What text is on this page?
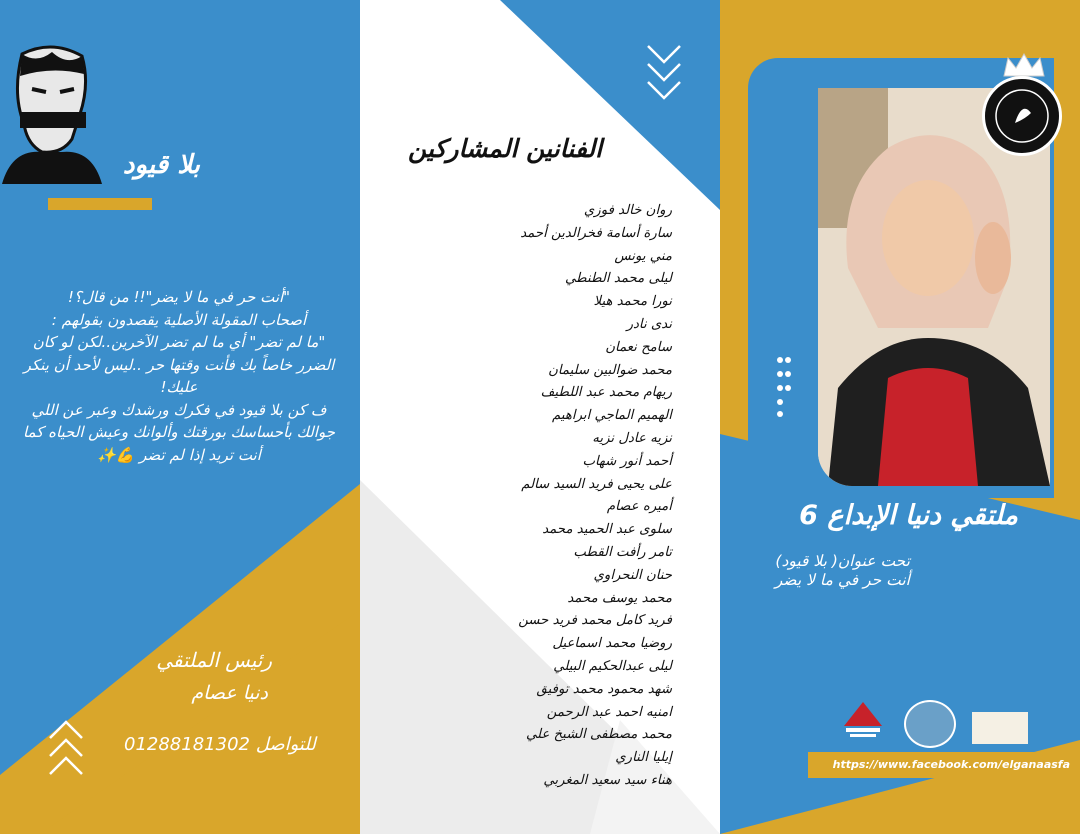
بلا قيود

"أنت حر في ما لا يضر"!! من قال؟!

أصحاب المقولة الأصلية يقصدون بقولهم :

"ما لم تضر" أي ما لم تضر الآخرين..لكن لو كان

الضرر خاصاً بك فأنت وقتها حر ..ليس لأحد أن ينكر

عليك!

ف كن بلا قيود في فكرك ورشدك وعبر عن اللي

جوالك بأحساسك بورقتك وألوانك وعيش الحياه كما

أنت تريد إذا لم تضر 💪✨

رئيس الملتقي
دنيا عصام
للتواصل 01288181302
الفنانين المشاركين
روان خالد فوزي
سارة أسامة فخرالدين أحمد
مني يونس
ليلى محمد الطنطي
نورا محمد هيلا
ندى نادر
سامح نعمان
محمد ضوالبين سليمان
ريهام محمد عبد اللطيف
الهميم الماجي ابراهيم
نزيه عادل نزيه
أحمد أنور شهاب
على يحيى فريد السيد سالم
أميره عصام
سلوى عبد الحميد محمد
تامر رأفت القطب
حنان النحراوي
محمد يوسف محمد
فريد كامل محمد فريد حسن
روضيا محمد اسماعيل
ليلى عبدالحكيم البيلي
شهد محمود محمد توفيق
امنيه احمد عبد الرحمن
محمد مصطفى الشيخ علي
إيليا الناري
هناء سيد سعيد المغربي
ملتقي دنيا الإبداع 6
تحت عنوان( بلا قيود)
أنت حر في ما لا يضر
https://www.facebook.com/elganaasfa
